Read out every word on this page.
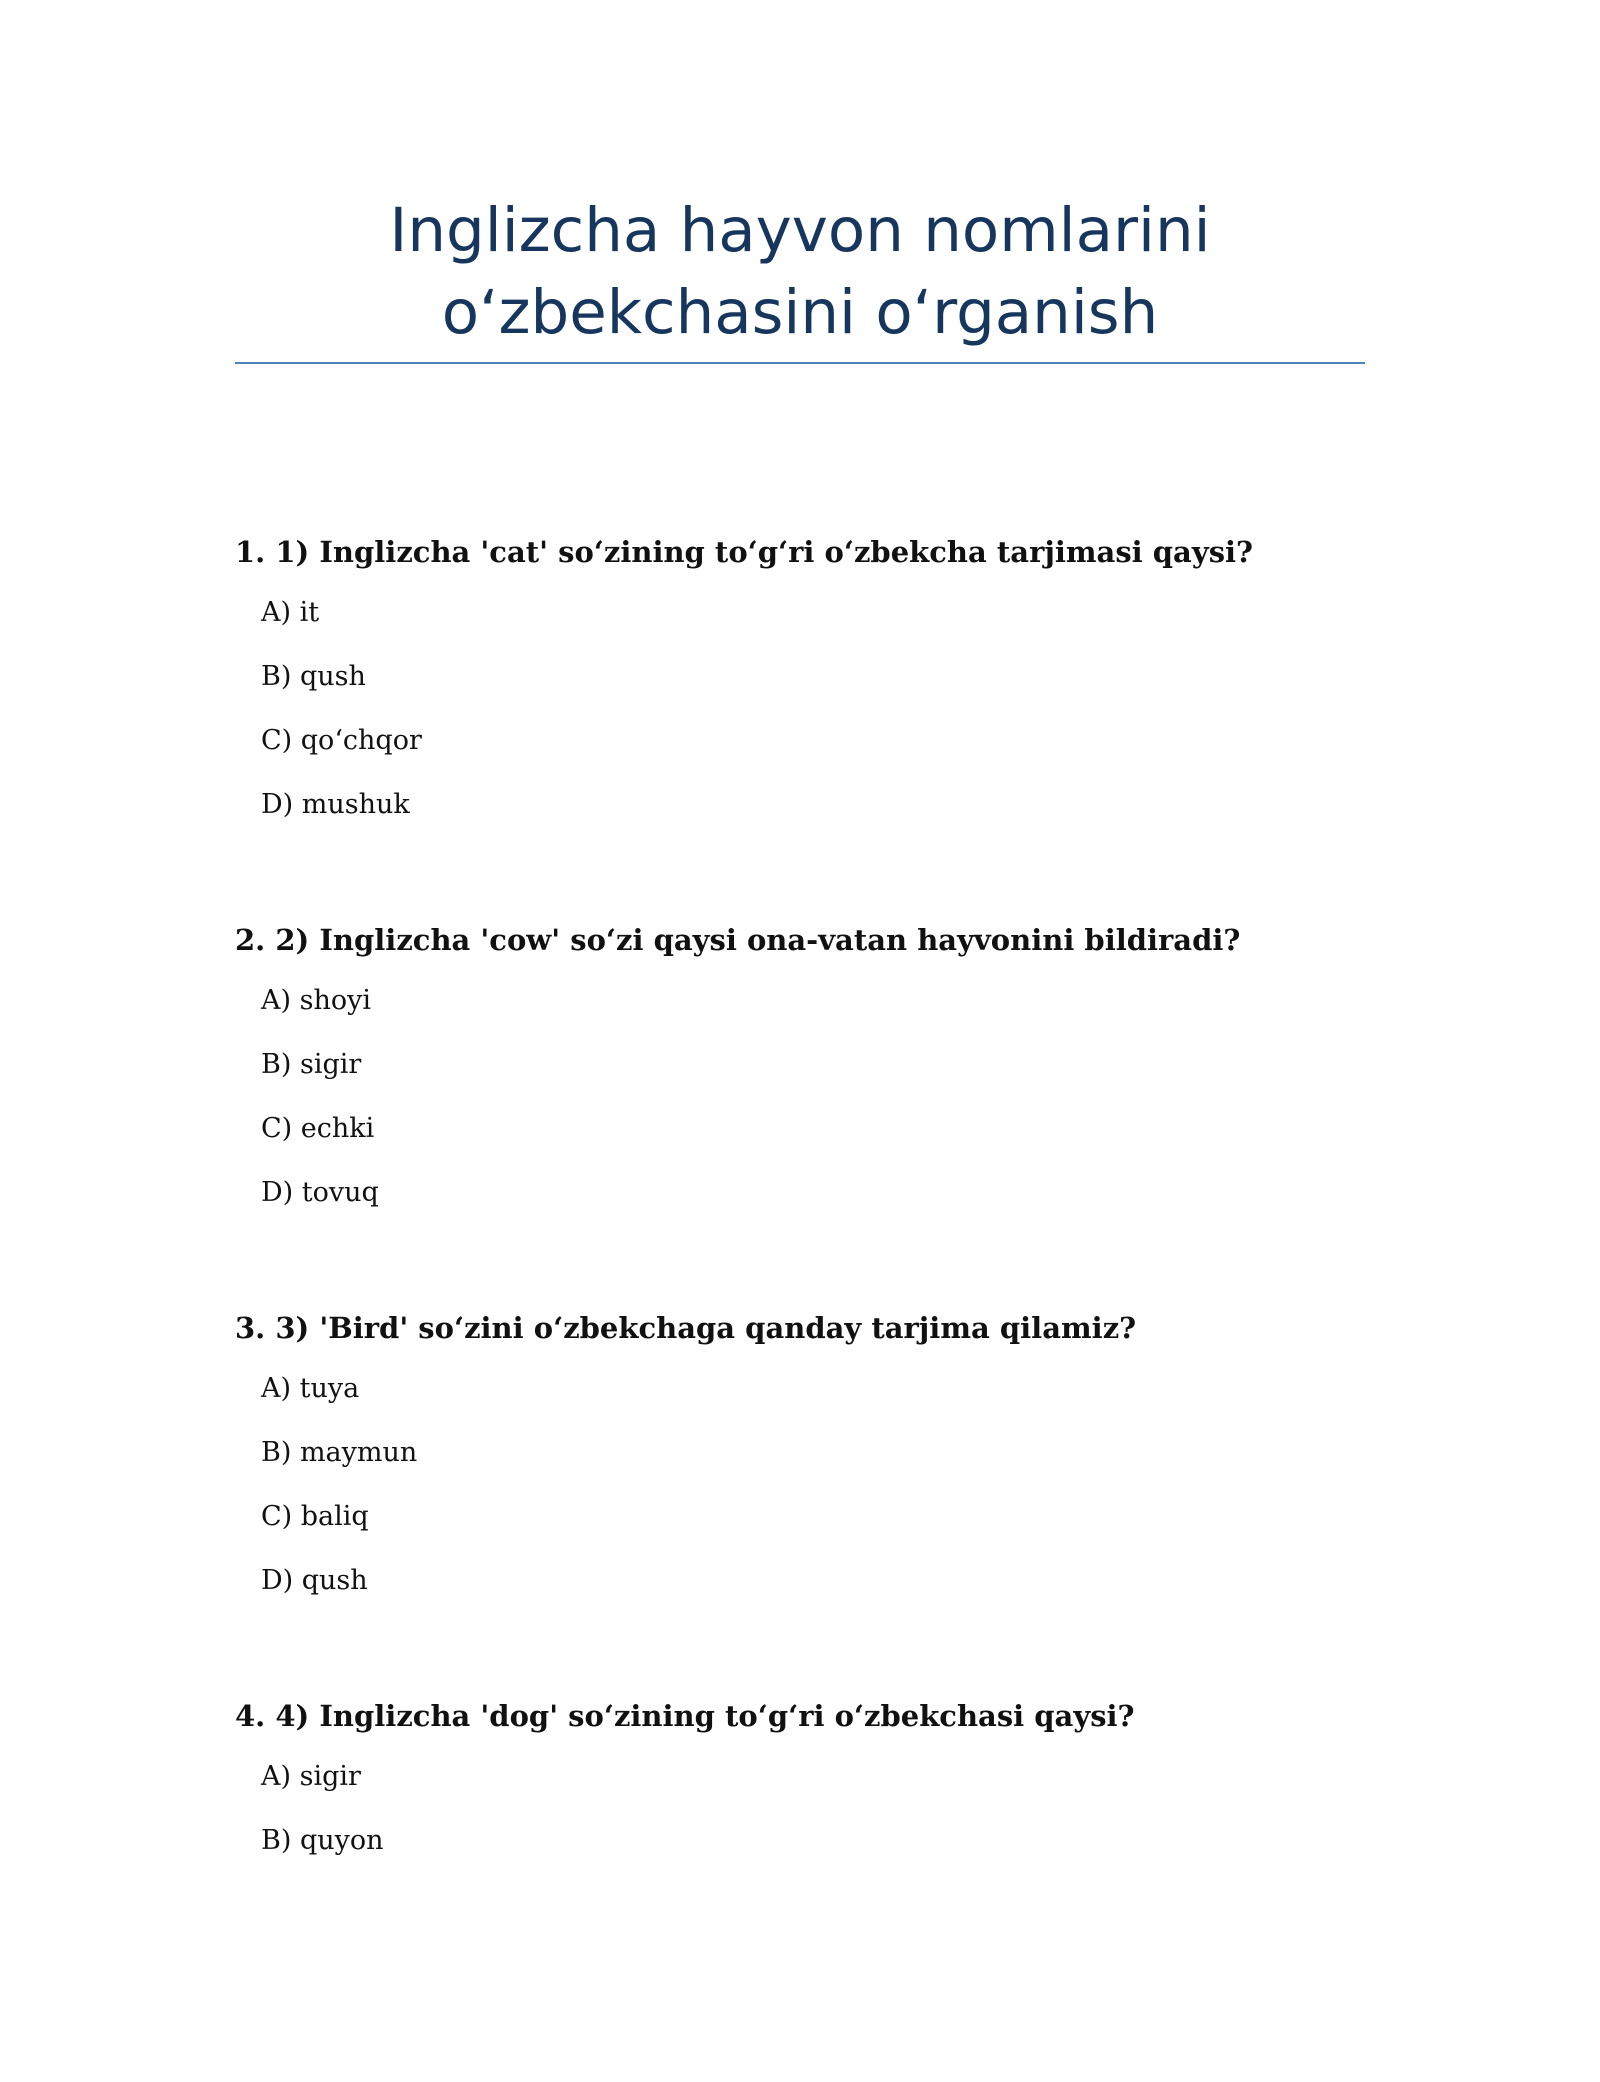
Inglizcha hayvon nomlarini
o‘zbekchasini o‘rganish
1. 1) Inglizcha 'cat' so‘zining to‘g‘ri o‘zbekcha tarjimasi qaysi?
A) it
B) qush
C) qo‘chqor
D) mushuk
2. 2) Inglizcha 'cow' so‘zi qaysi ona-vatan hayvonini bildiradi?
A) shoyi
B) sigir
C) echki
D) tovuq
3. 3) 'Bird' so‘zini o‘zbekchaga qanday tarjima qilamiz?
A) tuya
B) maymun
C) baliq
D) qush
4. 4) Inglizcha 'dog' so‘zining to‘g‘ri o‘zbekchasi qaysi?
A) sigir
B) quyon
